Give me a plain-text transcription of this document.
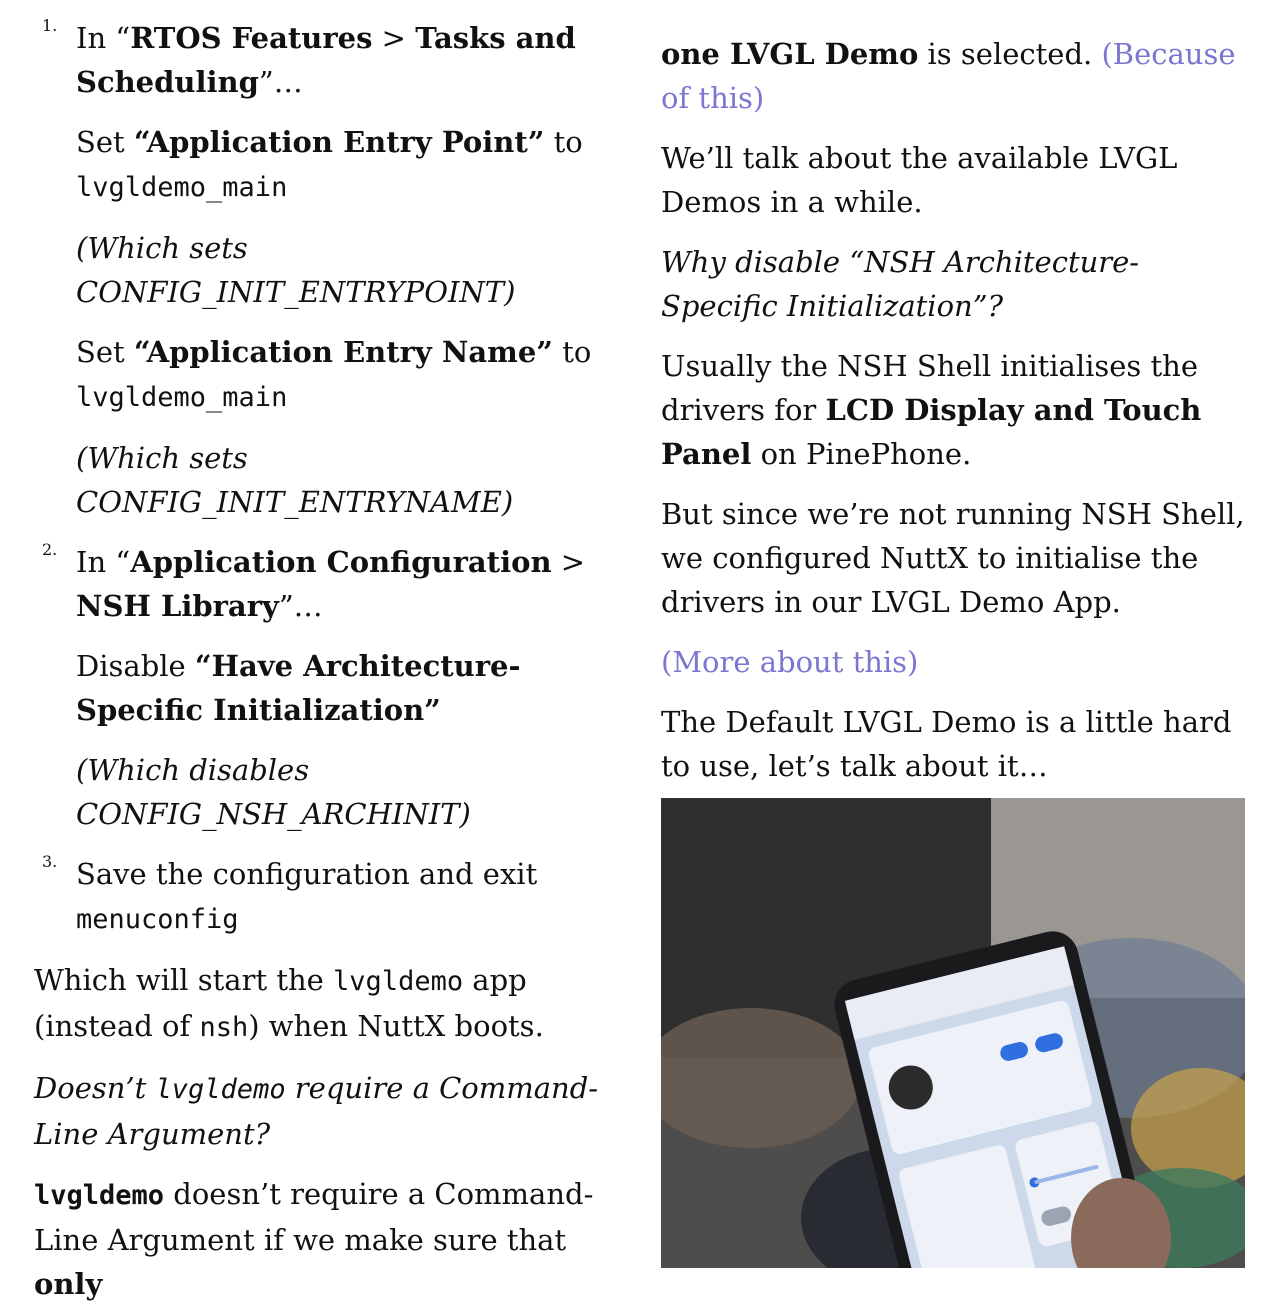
1. In “RTOS Features > Tasks and Scheduling”…

Set “Application Entry Point” to
lvgldemo_main

(Which sets CONFIG_INIT_ENTRYPOINT)

Set “Application Entry Name” to
lvgldemo_main

(Which sets CONFIG_INIT_ENTRYNAME)

2. In “Application Configuration > NSH Library”…

Disable “Have Architecture-Specific Initialization”

(Which disables CONFIG_NSH_ARCHINIT)

3. Save the configuration and exit
menuconfig

Which will start the lvgldemo app (instead of nsh) when NuttX boots.

Doesn’t lvgldemo require a Command-Line Argument?

lvgldemo doesn’t require a Command-Line Argument if we make sure that only

one LVGL Demo is selected. (Because of this)

We’ll talk about the available LVGL Demos in a while.

Why disable “NSH Architecture-Specific Initialization”?

Usually the NSH Shell initialises the drivers for LCD Display and Touch Panel on PinePhone.

But since we’re not running NSH Shell, we configured NuttX to initialise the drivers in our LVGL Demo App.

(More about this)

The Default LVGL Demo is a little hard to use, let’s talk about it…
